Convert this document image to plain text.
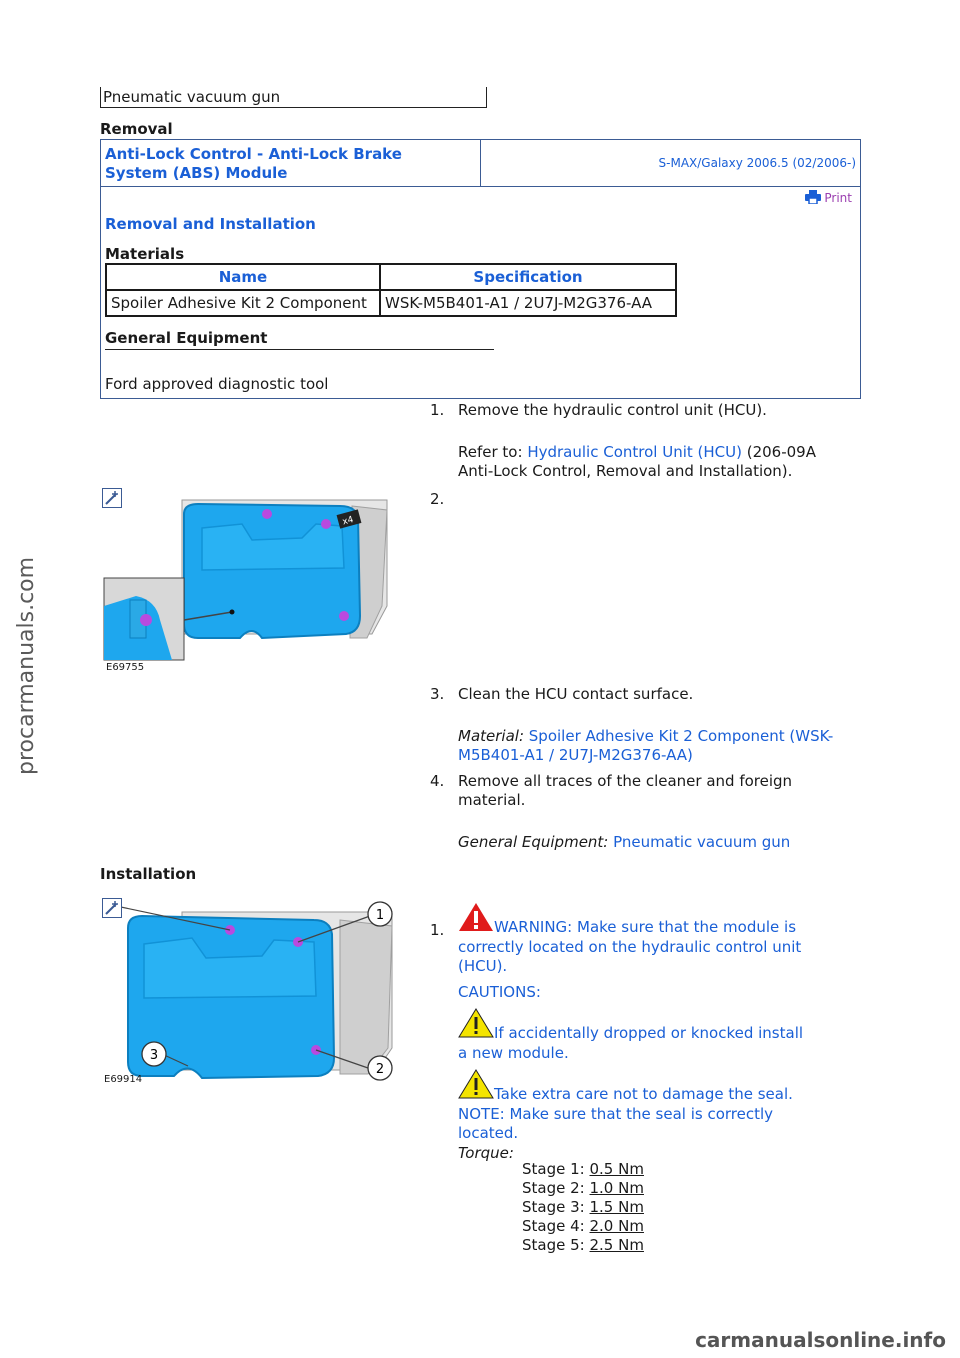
procarmanuals.com
Pneumatic vacuum gun
Removal
Anti-Lock Control - Anti-Lock Brake
System (ABS) Module
S-MAX/Galaxy 2006.5 (02/2006-)
Print
Removal and Installation
Materials
General Equipment
Ford approved diagnostic tool
Name	Specification
Spoiler Adhesive Kit 2 Component	WSK-M5B401-A1 / 2U7J-M2G376-AA
1. Remove the hydraulic control unit (HCU).
Refer to: Hydraulic Control Unit (HCU) (206-09A
Anti-Lock Control, Removal and Installation).
x4
E69755
2.
3. Clean the HCU contact surface.
Material: Spoiler Adhesive Kit 2 Component (WSK-
M5B401-A1 / 2U7J-M2G376-AA)
4. Remove all traces of the cleaner and foreign
material.
General Equipment: Pneumatic vacuum gun
Installation
1
2
3
E69914
1.	WARNING: Make sure that the module is
correctly located on the hydraulic control unit
(HCU).
CAUTIONS:
If accidentally dropped or knocked install
a new module.
Take extra care not to damage the seal.
NOTE: Make sure that the seal is correctly
located.
Torque:
Stage 1: 0.5 Nm
Stage 2: 1.0 Nm
Stage 3: 1.5 Nm
Stage 4: 2.0 Nm
Stage 5: 2.5 Nm
carmanualsonline.info
